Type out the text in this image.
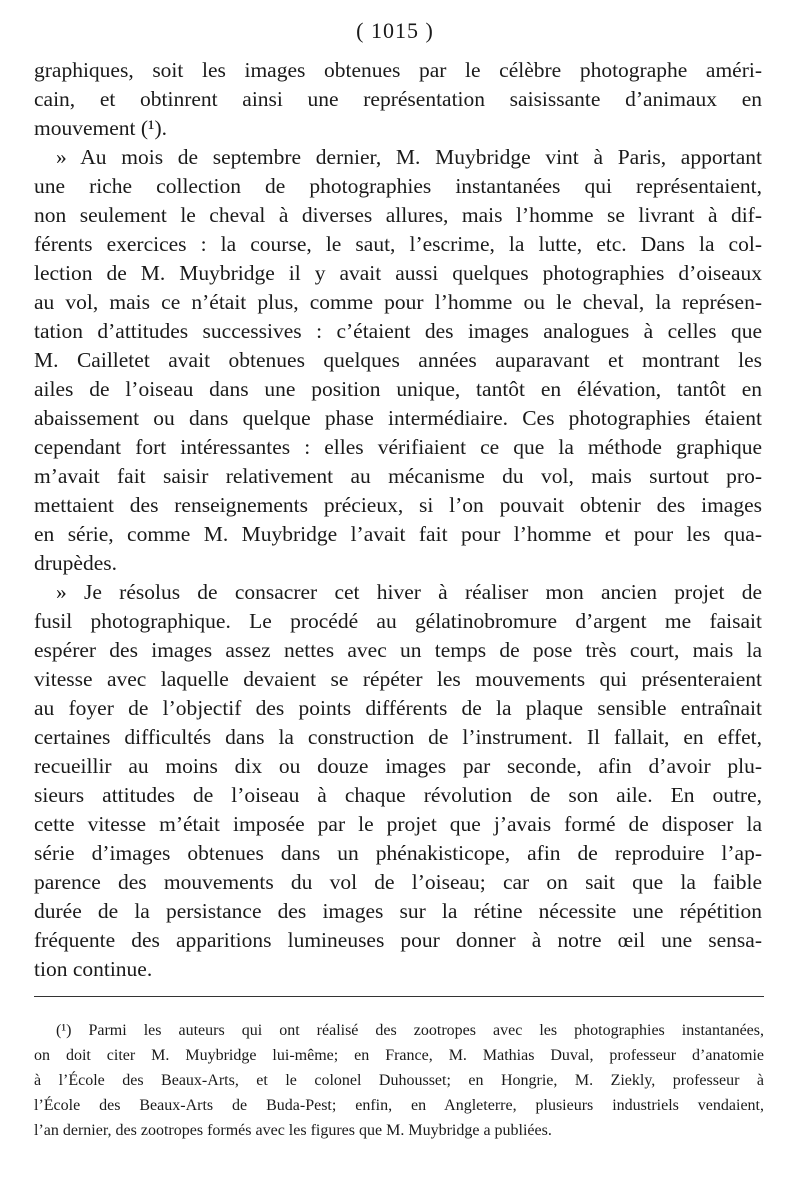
( 1015 )
graphiques, soit les images obtenues par le célèbre photographe améri-
cain, et obtinrent ainsi une représentation saisissante d’animaux en
mouvement (¹).
» Au mois de septembre dernier, M. Muybridge vint à Paris, apportant
une riche collection de photographies instantanées qui représentaient,
non seulement le cheval à diverses allures, mais l’homme se livrant à dif-
férents exercices : la course, le saut, l’escrime, la lutte, etc. Dans la col-
lection de M. Muybridge il y avait aussi quelques photographies d’oiseaux
au vol, mais ce n’était plus, comme pour l’homme ou le cheval, la représen-
tation d’attitudes successives : c’étaient des images analogues à celles que
M. Cailletet avait obtenues quelques années auparavant et montrant les
ailes de l’oiseau dans une position unique, tantôt en élévation, tantôt en
abaissement ou dans quelque phase intermédiaire. Ces photographies étaient
cependant fort intéressantes : elles vérifiaient ce que la méthode graphique
m’avait fait saisir relativement au mécanisme du vol, mais surtout pro-
mettaient des renseignements précieux, si l’on pouvait obtenir des images
en série, comme M. Muybridge l’avait fait pour l’homme et pour les qua-
drupèdes.
» Je résolus de consacrer cet hiver à réaliser mon ancien projet de
fusil photographique. Le procédé au gélatinobromure d’argent me faisait
espérer des images assez nettes avec un temps de pose très court, mais la
vitesse avec laquelle devaient se répéter les mouvements qui présenteraient
au foyer de l’objectif des points différents de la plaque sensible entraînait
certaines difficultés dans la construction de l’instrument. Il fallait, en effet,
recueillir au moins dix ou douze images par seconde, afin d’avoir plu-
sieurs attitudes de l’oiseau à chaque révolution de son aile. En outre,
cette vitesse m’était imposée par le projet que j’avais formé de disposer la
série d’images obtenues dans un phénakisticope, afin de reproduire l’ap-
parence des mouvements du vol de l’oiseau; car on sait que la faible
durée de la persistance des images sur la rétine nécessite une répétition
fréquente des apparitions lumineuses pour donner à notre œil une sensa-
tion continue.
(¹) Parmi les auteurs qui ont réalisé des zootropes avec les photographies instantanées,
on doit citer M. Muybridge lui-même; en France, M. Mathias Duval, professeur d’anatomie
à l’École des Beaux-Arts, et le colonel Duhousset; en Hongrie, M. Ziekly, professeur à
l’École des Beaux-Arts de Buda-Pest; enfin, en Angleterre, plusieurs industriels vendaient,
l’an dernier, des zootropes formés avec les figures que M. Muybridge a publiées.
